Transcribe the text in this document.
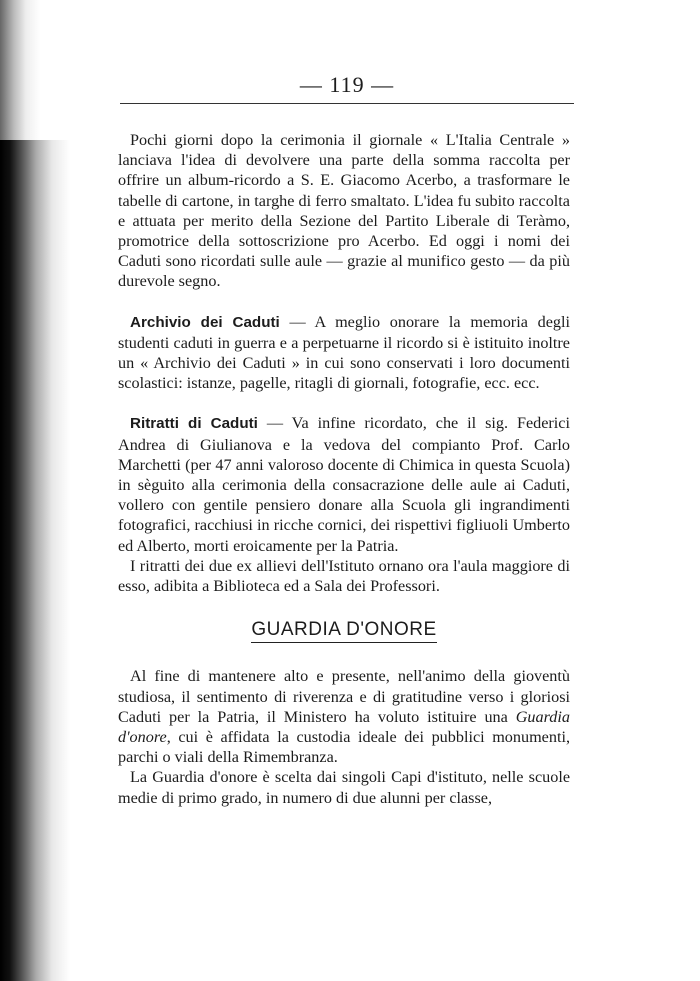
— 119 —

Pochi giorni dopo la cerimonia il giornale « L'Italia Centrale » lanciava l'idea di devolvere una parte della somma raccolta per offrire un album-ricordo a S. E. Giacomo Acerbo, a trasformare le tabelle di cartone, in targhe di ferro smaltato. L'idea fu subito raccolta e attuata per merito della Sezione del Partito Liberale di Teràmo, promotrice della sottoscrizione pro Acerbo. Ed oggi i nomi dei Caduti sono ricordati sulle aule — grazie al munifico gesto — da più durevole segno.

Archivio dei Caduti — A meglio onorare la memoria degli studenti caduti in guerra e a perpetuarne il ricordo si è istituito inoltre un « Archivio dei Caduti » in cui sono conservati i loro documenti scolastici: istanze, pagelle, ritagli di giornali, fotografie, ecc. ecc.

Ritratti di Caduti — Va infine ricordato, che il sig. Federici Andrea di Giulianova e la vedova del compianto Prof. Carlo Marchetti (per 47 anni valoroso docente di Chimica in questa Scuola) in sèguito alla cerimonia della consacrazione delle aule ai Caduti, vollero con gentile pensiero donare alla Scuola gli ingrandimenti fotografici, racchiusi in ricche cornici, dei rispettivi figliuoli Umberto ed Alberto, morti eroicamente per la Patria.

I ritratti dei due ex allievi dell'Istituto ornano ora l'aula maggiore di esso, adibita a Biblioteca ed a Sala dei Professori.

GUARDIA D'ONORE

Al fine di mantenere alto e presente, nell'animo della gioventù studiosa, il sentimento di riverenza e di gratitudine verso i gloriosi Caduti per la Patria, il Ministero ha voluto istituire una Guardia d'onore, cui è affidata la custodia ideale dei pubblici monumenti, parchi o viali della Rimembranza.

La Guardia d'onore è scelta dai singoli Capi d'istituto, nelle scuole medie di primo grado, in numero di due alunni per classe,
